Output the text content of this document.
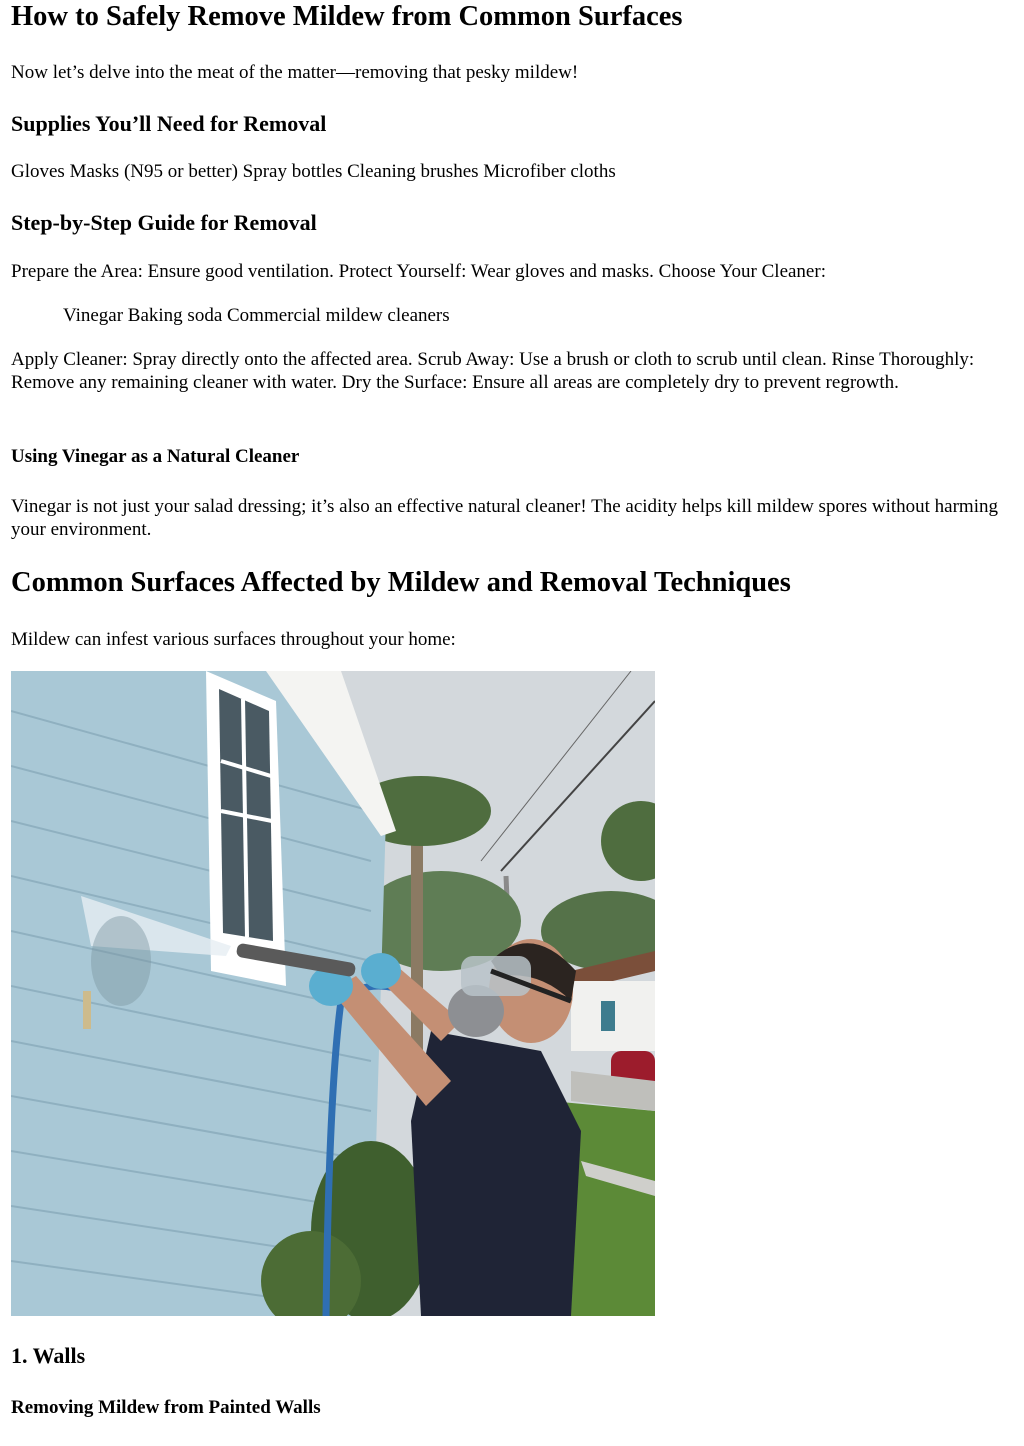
How to Safely Remove Mildew from Common Surfaces

Now let’s delve into the meat of the matter—removing that pesky mildew!

Supplies You’ll Need for Removal

Gloves Masks (N95 or better) Spray bottles Cleaning brushes Microfiber cloths

Step-by-Step Guide for Removal

Prepare the Area: Ensure good ventilation. Protect Yourself: Wear gloves and masks. Choose Your Cleaner:

Vinegar Baking soda Commercial mildew cleaners

Apply Cleaner: Spray directly onto the affected area. Scrub Away: Use a brush or cloth to scrub until clean. Rinse Thoroughly: Remove any remaining cleaner with water. Dry the Surface: Ensure all areas are completely dry to prevent regrowth.

Using Vinegar as a Natural Cleaner

Vinegar is not just your salad dressing; it’s also an effective natural cleaner! The acidity helps kill mildew spores without harming your environment.

Common Surfaces Affected by Mildew and Removal Techniques

Mildew can infest various surfaces throughout your home:

1. Walls
Removing Mildew from Painted Walls
